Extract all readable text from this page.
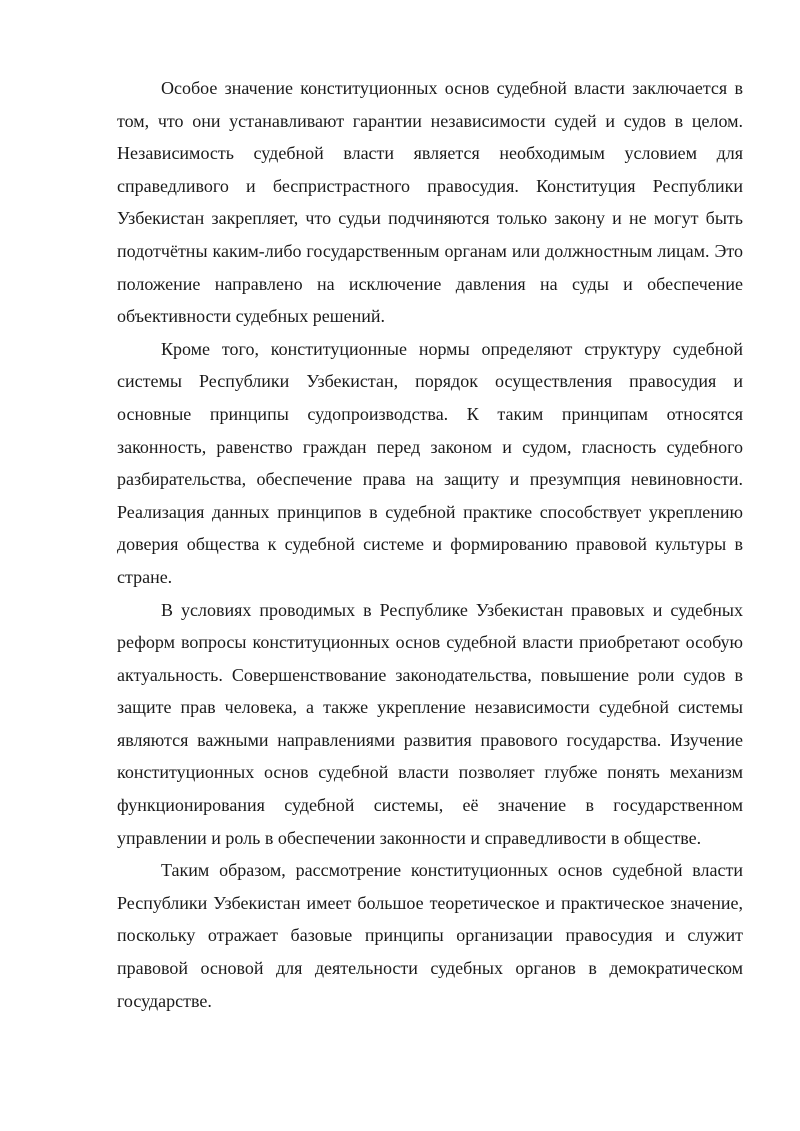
Особое значение конституционных основ судебной власти заключается в том, что они устанавливают гарантии независимости судей и судов в целом. Независимость судебной власти является необходимым условием для справедливого и беспристрастного правосудия. Конституция Республики Узбекистан закрепляет, что судьи подчиняются только закону и не могут быть подотчётны каким-либо государственным органам или должностным лицам. Это положение направлено на исключение давления на суды и обеспечение объективности судебных решений.

Кроме того, конституционные нормы определяют структуру судебной системы Республики Узбекистан, порядок осуществления правосудия и основные принципы судопроизводства. К таким принципам относятся законность, равенство граждан перед законом и судом, гласность судебного разбирательства, обеспечение права на защиту и презумпция невиновности. Реализация данных принципов в судебной практике способствует укреплению доверия общества к судебной системе и формированию правовой культуры в стране.

В условиях проводимых в Республике Узбекистан правовых и судебных реформ вопросы конституционных основ судебной власти приобретают особую актуальность. Совершенствование законодательства, повышение роли судов в защите прав человека, а также укрепление независимости судебной системы являются важными направлениями развития правового государства. Изучение конституционных основ судебной власти позволяет глубже понять механизм функционирования судебной системы, её значение в государственном управлении и роль в обеспечении законности и справедливости в обществе.

Таким образом, рассмотрение конституционных основ судебной власти Республики Узбекистан имеет большое теоретическое и практическое значение, поскольку отражает базовые принципы организации правосудия и служит правовой основой для деятельности судебных органов в демократическом государстве.
